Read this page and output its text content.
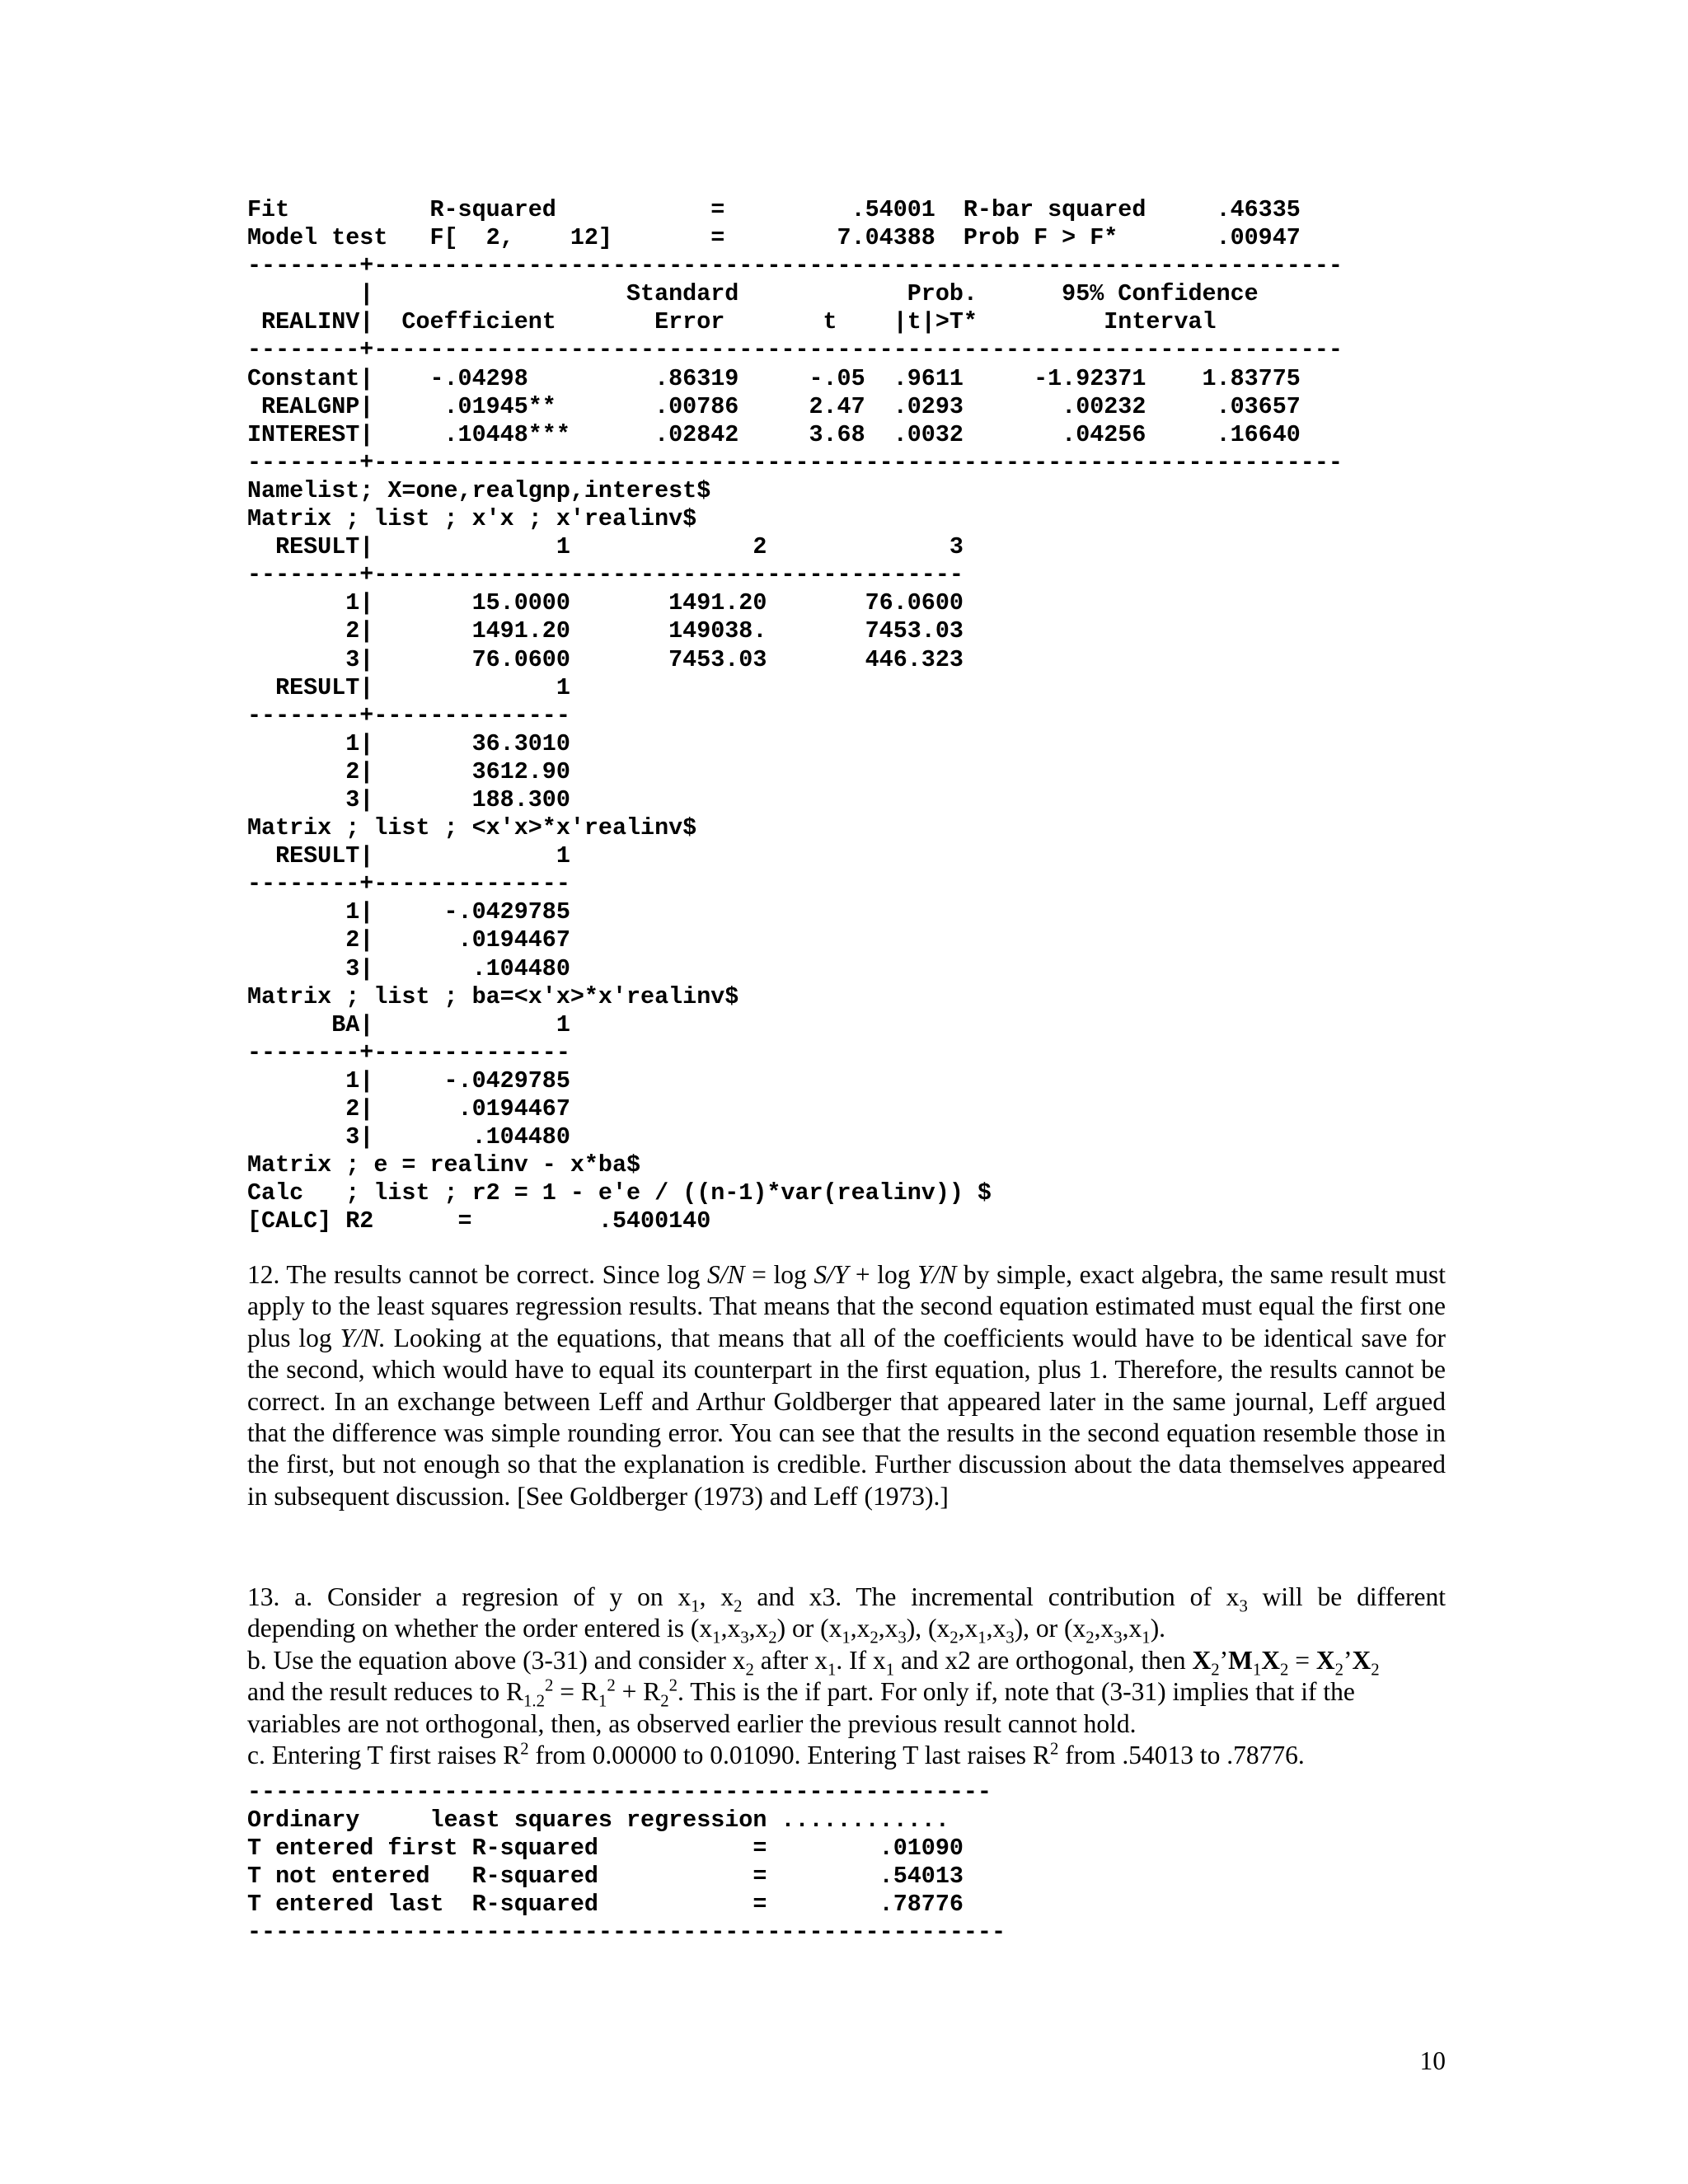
Fit          R-squared           =         .54001  R-bar squared     .46335
Model test   F[  2,    12]       =        7.04388  Prob F > F*       .00947
--------+---------------------------------------------------------------------
|                  Standard            Prob.      95% Confidence
REALINV|  Coefficient       Error       t    |t|>T*         Interval
--------+---------------------------------------------------------------------
Constant|    -.04298         .86319     -.05  .9611     -1.92371    1.83775
REALGNP|     .01945**       .00786     2.47  .0293       .00232     .03657
INTEREST|     .10448***      .02842     3.68  .0032       .04256     .16640
--------+---------------------------------------------------------------------
Namelist; X=one,realgnp,interest$
Matrix ; list ; x'x ; x'realinv$
RESULT|             1             2             3
--------+------------------------------------------
1|       15.0000       1491.20       76.0600
2|       1491.20       149038.       7453.03
3|       76.0600       7453.03       446.323
RESULT|             1
--------+--------------
1|       36.3010
2|       3612.90
3|       188.300
Matrix ; list ; <x'x>*x'realinv$
RESULT|             1
--------+--------------
1|     -.0429785
2|      .0194467
3|       .104480
Matrix ; list ; ba=<x'x>*x'realinv$
BA|             1
--------+--------------
1|     -.0429785
2|      .0194467
3|       .104480
Matrix ; e = realinv - x*ba$
Calc   ; list ; r2 = 1 - e'e / ((n-1)*var(realinv)) $
[CALC] R2      =         .5400140

12. The results cannot be correct. Since log S/N = log S/Y + log Y/N by simple, exact algebra, the same result must apply to the least squares regression results. That means that the second equation estimated must equal the first one plus log Y/N. Looking at the equations, that means that all of the coefficients would have to be identical save for the second, which would have to equal its counterpart in the first equation, plus 1. Therefore, the results cannot be correct. In an exchange between Leff and Arthur Goldberger that appeared later in the same journal, Leff argued that the difference was simple rounding error. You can see that the results in the second equation resemble those in the first, but not enough so that the explanation is credible. Further discussion about the data themselves appeared in subsequent discussion. [See Goldberger (1973) and Leff (1973).]

13. a. Consider a regresion of y on $x_1$, $x_2$ and x3. The incremental contribution of $x_3$ will be different
depending on whether the order entered is $(x_1,x_3,x_2)$ or $(x_1,x_2,x_3)$, $(x_2,x_1,x_3)$, or $(x_2,x_3,x_1)$.
b. Use the equation above (3-31) and consider $x_2$ after $x_1$. If $x_1$ and x2 are orthogonal, then $X_2’M_1X_2$ = $X_2’X_2$
and the result reduces to $R_{1.2}^2 = R_1^2 + R_2^2$. This is the if part. For only if, note that (3-31) implies that if the
variables are not orthogonal, then, as observed earlier the previous result cannot hold.
c. Entering T first raises $R^2$ from 0.00000 to 0.01090. Entering T last raises $R^2$ from .54013 to .78776.
-----------------------------------------------------
Ordinary     least squares regression ............
T entered first R-squared           =        .01090
T not entered   R-squared           =        .54013
T entered last  R-squared           =        .78776
------------------------------------------------------
10
